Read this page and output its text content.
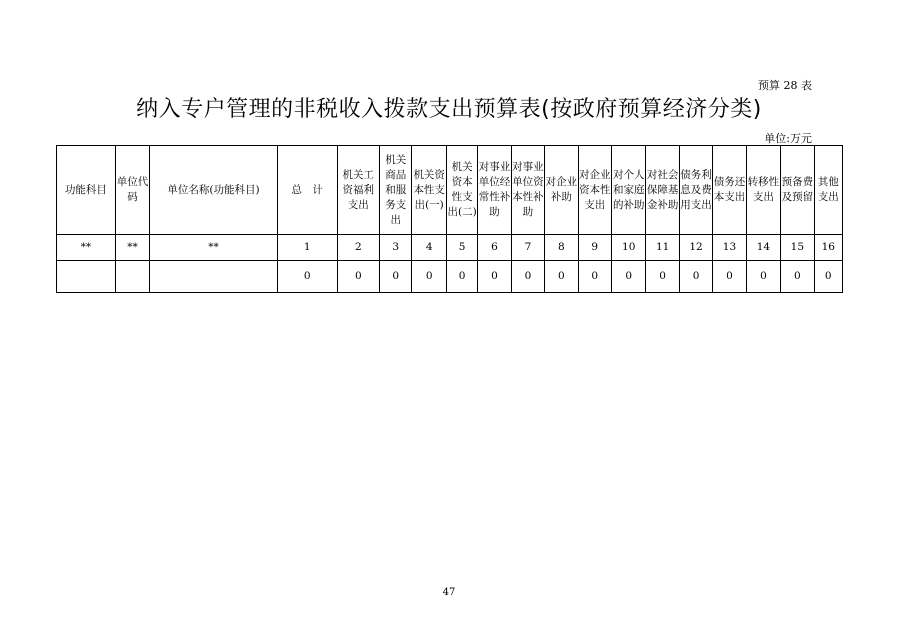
预算 28 表
纳入专户管理的非税收入拨款支出预算表(按政府预算经济分类)
单位:万元
功能科目	单位代码	单位名称(功能科目)	总　计	机关工资福利支出	机关商品和服务支出	机关资本性支出(一)	机关资本性支出(二)	对事业单位经常性补助	对事业单位资本性补助	对企业补助	对企业资本性支出	对个人和家庭的补助	对社会保障基金补助	债务利息及费用支出	债务还本支出	转移性支出	预备费及预留	其他支出
**	**	**	1	2	3	4	5	6	7	8	9	10	11	12	13	14	15	16
			0	0	0	0	0	0	0	0	0	0	0	0	0	0	0	0
47
